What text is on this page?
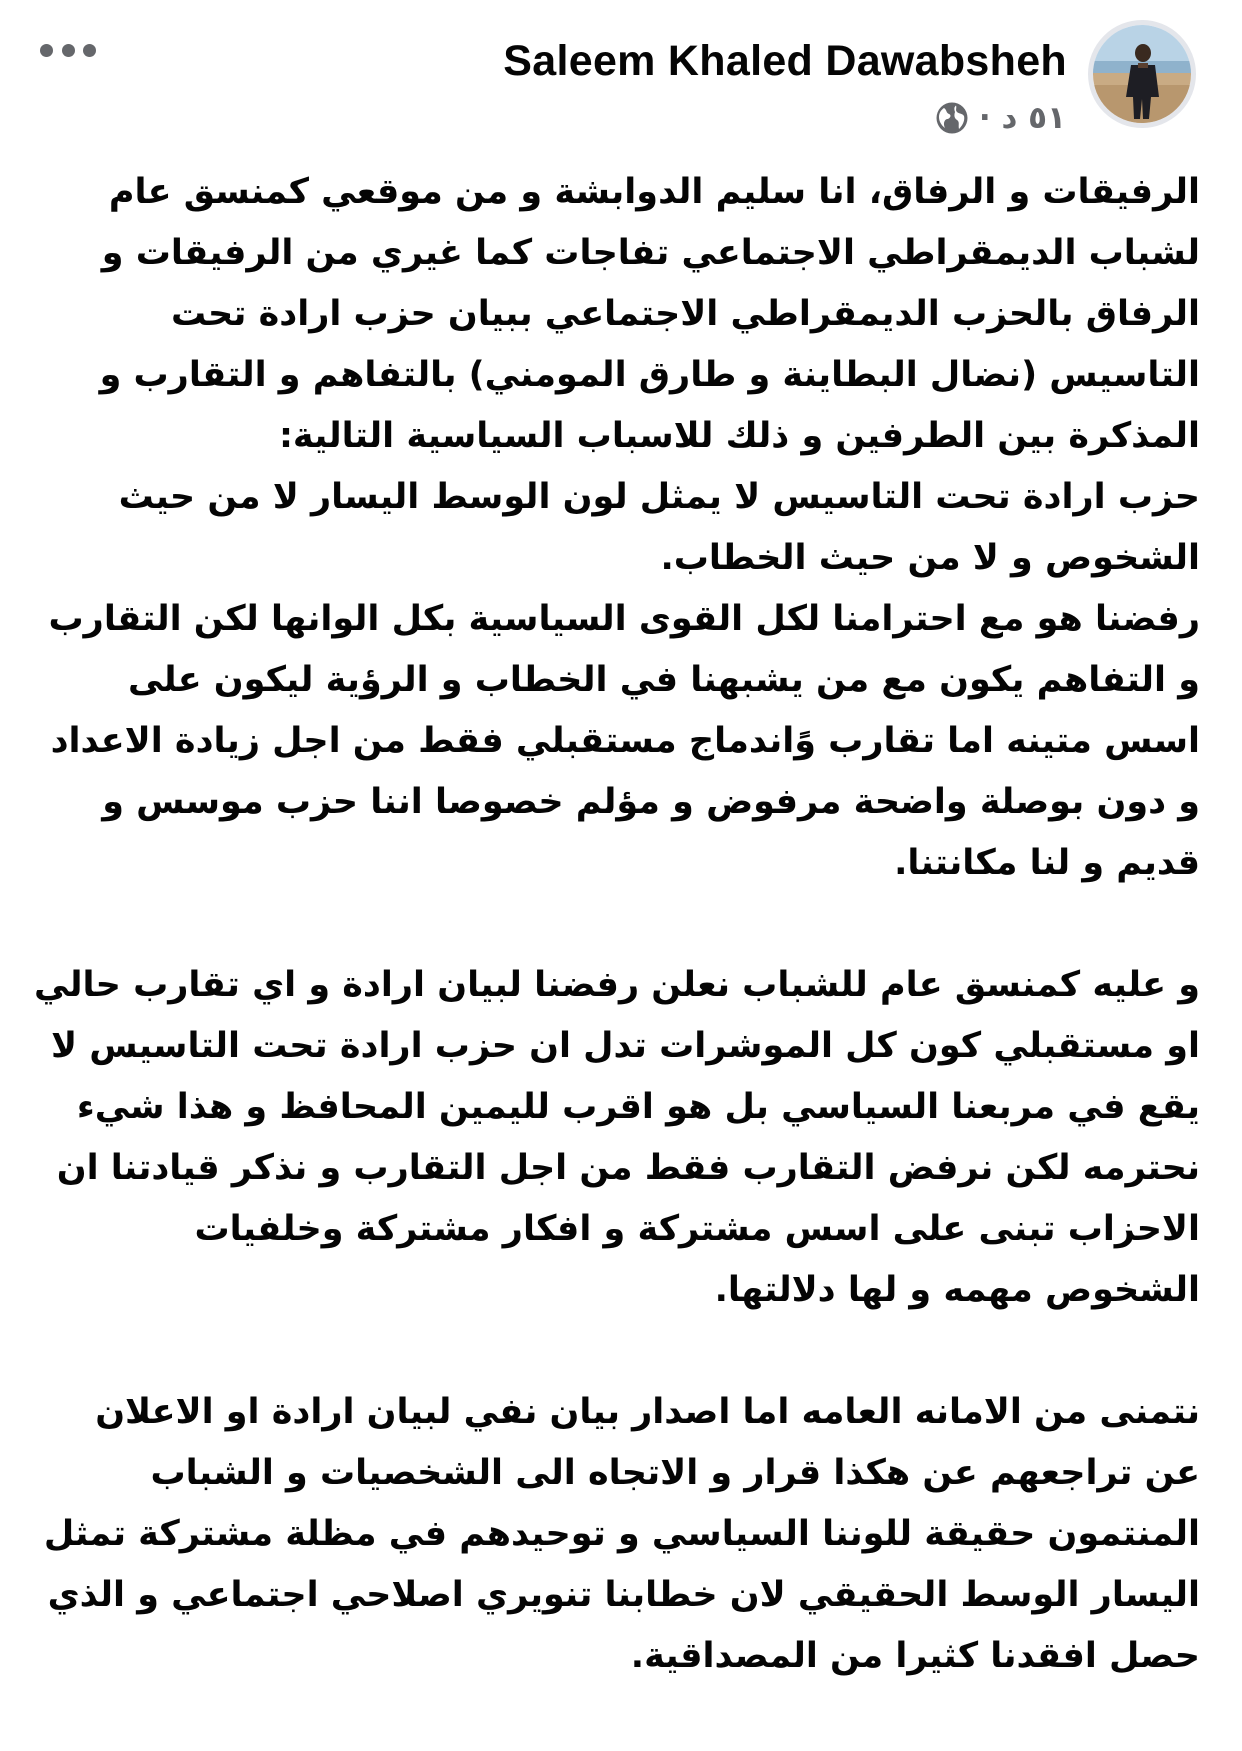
Saleem Khaled Dawabsheh
٥١ د ·

الرفيقات و الرفاق، انا سليم الدوابشة و من موقعي كمنسق عام لشباب الديمقراطي الاجتماعي تفاجات كما غيري من الرفيقات و الرفاق بالحزب الديمقراطي الاجتماعي ببيان حزب ارادة تحت التاسيس (نضال البطاينة و طارق المومني) بالتفاهم و التقارب و المذكرة بين الطرفين و ذلك للاسباب السياسية التالية:

حزب ارادة تحت التاسيس لا يمثل لون الوسط اليسار لا من حيث الشخوص و لا من حيث الخطاب.

رفضنا هو مع احترامنا لكل القوى السياسية بكل الوانها لكن التقارب و التفاهم يكون مع من يشبهنا في الخطاب و الرؤية ليكون على اسس متينه اما تقارب وًاندماج مستقبلي فقط من اجل زيادة الاعداد و دون بوصلة واضحة مرفوض و مؤلم خصوصا اننا حزب موسس و قديم و لنا مكانتنا.

و عليه كمنسق عام للشباب نعلن رفضنا لبيان ارادة و اي تقارب حالي او مستقبلي كون كل الموشرات تدل ان حزب ارادة تحت التاسيس لا يقع في مربعنا السياسي بل هو اقرب لليمين المحافظ و هذا شيء نحترمه لكن نرفض التقارب فقط من اجل التقارب و نذكر قيادتنا ان الاحزاب تبنى على اسس مشتركة و افكار مشتركة وخلفيات الشخوص مهمه و لها دلالتها.

نتمنى من الامانه العامه اما اصدار بيان نفي لبيان ارادة او الاعلان عن تراجعهم عن هكذا قرار و الاتجاه الى الشخصيات و الشباب المنتمون حقيقة للوننا السياسي و توحيدهم في مظلة مشتركة تمثل اليسار الوسط الحقيقي لان خطابنا تنويري اصلاحي اجتماعي و الذي حصل افقدنا كثيرا من المصداقية.
